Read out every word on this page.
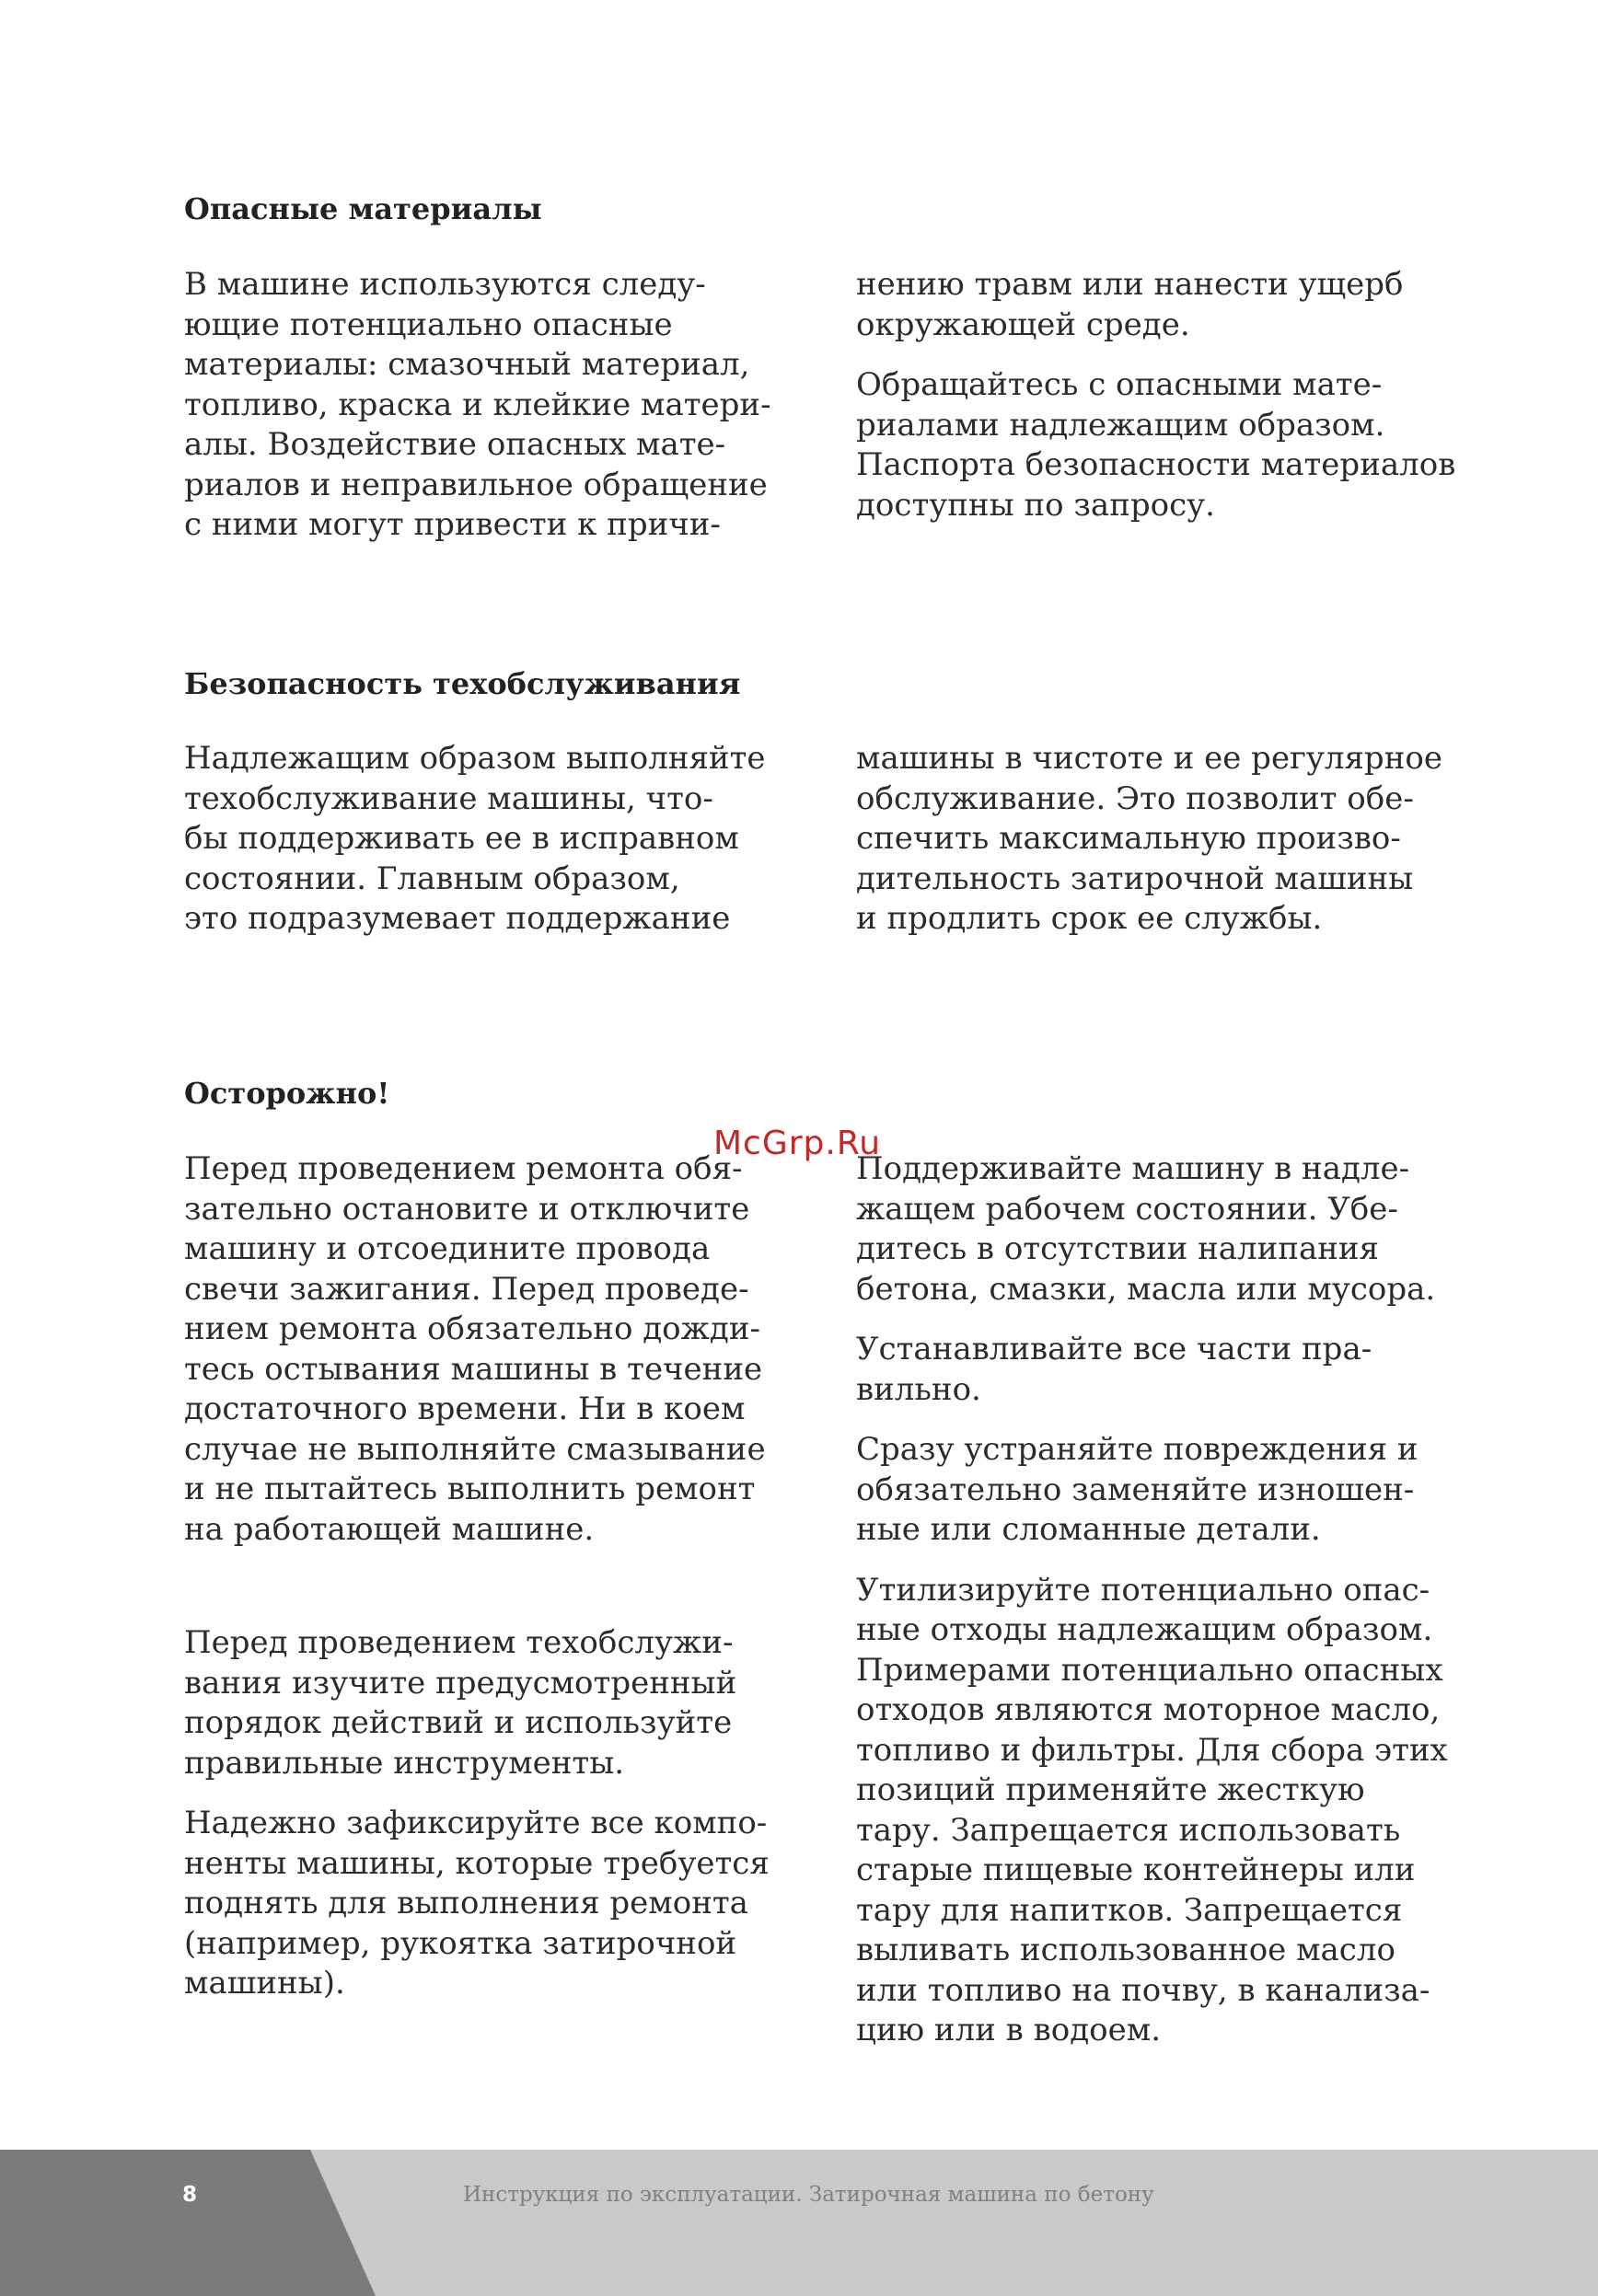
Опасные материалы

В машине используются следу-
ющие потенциально опасные
материалы: смазочный материал,
топливо, краска и клейкие матери-
алы. Воздействие опасных мате-
риалов и неправильное обращение
с ними могут привести к причи-

нению травм или нанести ущерб
окружающей среде.

Обращайтесь с опасными мате-
риалами надлежащим образом.
Паспорта безопасности материалов
доступны по запросу.

Безопасность техобслуживания

Надлежащим образом выполняйте
техобслуживание машины, что-
бы поддерживать ее в исправном
состоянии. Главным образом,
это подразумевает поддержание

машины в чистоте и ее регулярное
обслуживание. Это позволит обе-
спечить максимальную произво-
дительность затирочной машины
и продлить срок ее службы.

Осторожно!

Перед проведением ремонта обя-
зательно остановите и отключите
машину и отсоедините провода
свечи зажигания. Перед проведе-
нием ремонта обязательно дожди-
тесь остывания машины в течение
достаточного времени. Ни в коем
случае не выполняйте смазывание
и не пытайтесь выполнить ремонт
на работающей машине.

Перед проведением техобслужи-
вания изучите предусмотренный
порядок действий и используйте
правильные инструменты.

Надежно зафиксируйте все компо-
ненты машины, которые требуется
поднять для выполнения ремонта
(например, рукоятка затирочной
машины).

Поддерживайте машину в надле-
жащем рабочем состоянии. Убе-
дитесь в отсутствии налипания
бетона, смазки, масла или мусора.

Устанавливайте все части пра-
вильно.

Сразу устраняйте повреждения и
обязательно заменяйте изношен-
ные или сломанные детали.

Утилизируйте потенциально опас-
ные отходы надлежащим образом.
Примерами потенциально опасных
отходов являются моторное масло,
топливо и фильтры. Для сбора этих
позиций применяйте жесткую
тару. Запрещается использовать
старые пищевые контейнеры или
тару для напитков. Запрещается
выливать использованное масло
или топливо на почву, в канализа-
цию или в водоем.

McGrp.Ru
8	Инструкция по эксплуатации. Затирочная машина по бетону
